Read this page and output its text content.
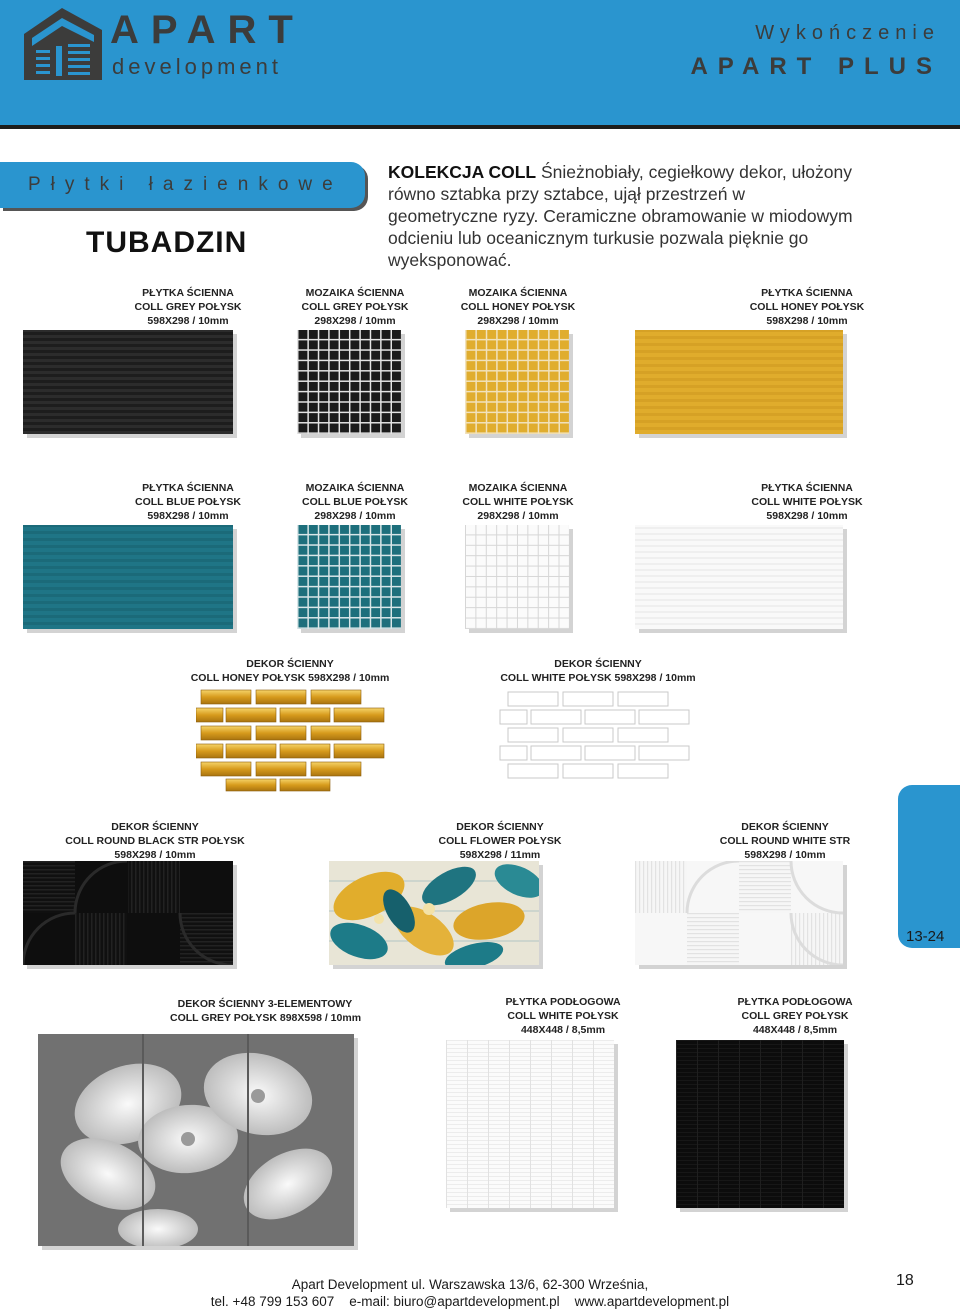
APART
development
Wykończenie
APART PLUS
Płytki łazienkowe
TUBADZIN
KOLEKCJA COLL Śnieżnobiały, cegiełkowy dekor, ułożony równo sztabka przy sztabce, ujął przestrzeń w geometryczne ryzy. Ceramiczne obramowanie w miodowym odcieniu lub oceanicznym turkusie pozwala pięknie go wyeksponować.
PŁYTKA ŚCIENNA
COLL GREY POŁYSK
598X298 / 10mm
MOZAIKA ŚCIENNA
COLL GREY POŁYSK
298X298 / 10mm
MOZAIKA ŚCIENNA
COLL HONEY POŁYSK
298X298 / 10mm
PŁYTKA ŚCIENNA
COLL HONEY POŁYSK
598X298 / 10mm
PŁYTKA ŚCIENNA
COLL BLUE POŁYSK
598X298 / 10mm
MOZAIKA ŚCIENNA
COLL BLUE POŁYSK
298X298 / 10mm
MOZAIKA ŚCIENNA
COLL WHITE POŁYSK
298X298 / 10mm
PŁYTKA ŚCIENNA
COLL WHITE POŁYSK
598X298 / 10mm
DEKOR ŚCIENNY
COLL HONEY POŁYSK 598X298 / 10mm
DEKOR ŚCIENNY
COLL WHITE POŁYSK 598X298 / 10mm
13-24
DEKOR ŚCIENNY
COLL ROUND BLACK STR POŁYSK
598X298 / 10mm
DEKOR ŚCIENNY
COLL FLOWER POŁYSK
598X298 / 11mm
DEKOR ŚCIENNY
COLL ROUND WHITE STR
598X298 / 10mm
DEKOR ŚCIENNY 3-ELEMENTOWY
COLL GREY POŁYSK 898X598 / 10mm
PŁYTKA PODŁOGOWA
COLL WHITE POŁYSK
448X448 / 8,5mm
PŁYTKA PODŁOGOWA
COLL GREY POŁYSK
448X448 / 8,5mm
Apart Development ul. Warszawska 13/6, 62-300 Września,
tel. +48 799 153 607    e-mail: biuro@apartdevelopment.pl    www.apartdevelopment.pl
18
